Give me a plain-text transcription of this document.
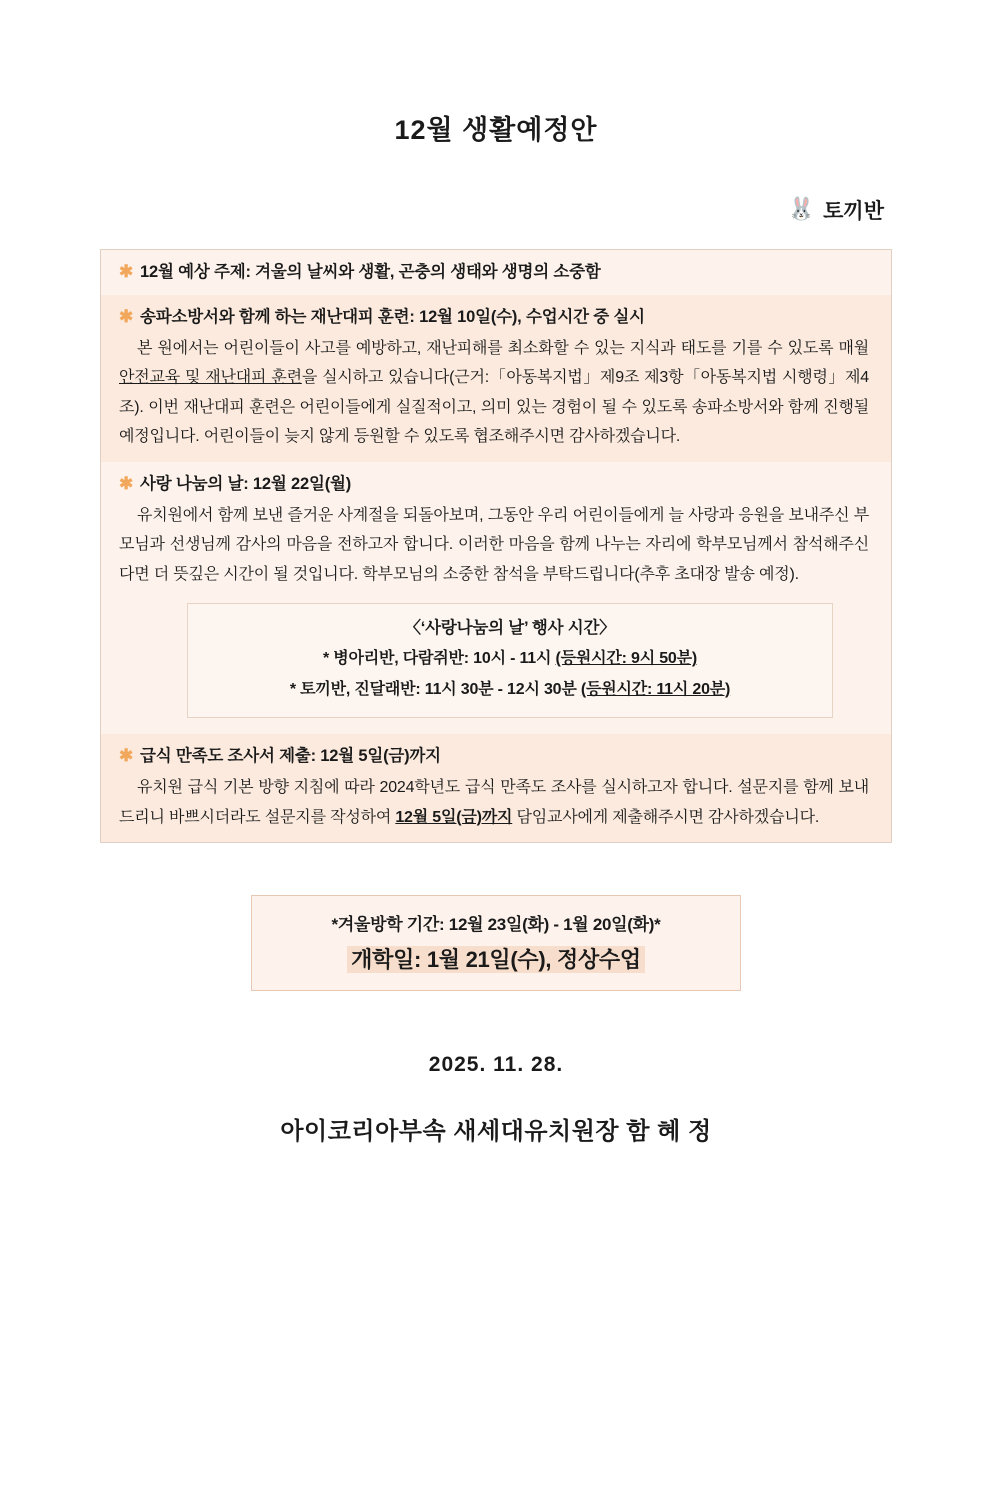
12월 생활예정안
🐰 토끼반
✱ 12월 예상 주제: 겨울의 날씨와 생활, 곤충의 생태와 생명의 소중함
✱ 송파소방서와 함께 하는 재난대피 훈련: 12월 10일(수), 수업시간 중 실시
본 원에서는 어린이들이 사고를 예방하고, 재난피해를 최소화할 수 있는 지식과 태도를 기를 수 있도록 매월 안전교육 및 재난대피 훈련을 실시하고 있습니다(근거:「아동복지법」제9조 제3항「아동복지법 시행령」제4조). 이번 재난대피 훈련은 어린이들에게 실질적이고, 의미 있는 경험이 될 수 있도록 송파소방서와 함께 진행될 예정입니다. 어린이들이 늦지 않게 등원할 수 있도록 협조해주시면 감사하겠습니다.
✱ 사랑 나눔의 날: 12월 22일(월)
유치원에서 함께 보낸 즐거운 사계절을 되돌아보며, 그동안 우리 어린이들에게 늘 사랑과 응원을 보내주신 부모님과 선생님께 감사의 마음을 전하고자 합니다. 이러한 마음을 함께 나누는 자리에 학부모님께서 참석해주신다면 더 뜻깊은 시간이 될 것입니다. 학부모님의 소중한 참석을 부탁드립니다(추후 초대장 발송 예정).
〈‘사랑나눔의 날’ 행사 시간〉
* 병아리반, 다람쥐반: 10시 - 11시 (등원시간: 9시 50분)
* 토끼반, 진달래반: 11시 30분 - 12시 30분 (등원시간: 11시 20분)
✱ 급식 만족도 조사서 제출: 12월 5일(금)까지
유치원 급식 기본 방향 지침에 따라 2024학년도 급식 만족도 조사를 실시하고자 합니다. 설문지를 함께 보내드리니 바쁘시더라도 설문지를 작성하여 12월 5일(금)까지 담임교사에게 제출해주시면 감사하겠습니다.
*겨울방학 기간: 12월 23일(화) - 1월 20일(화)*
개학일: 1월 21일(수), 정상수업
2025. 11. 28.
아이코리아부속 새세대유치원장 함 혜 정
